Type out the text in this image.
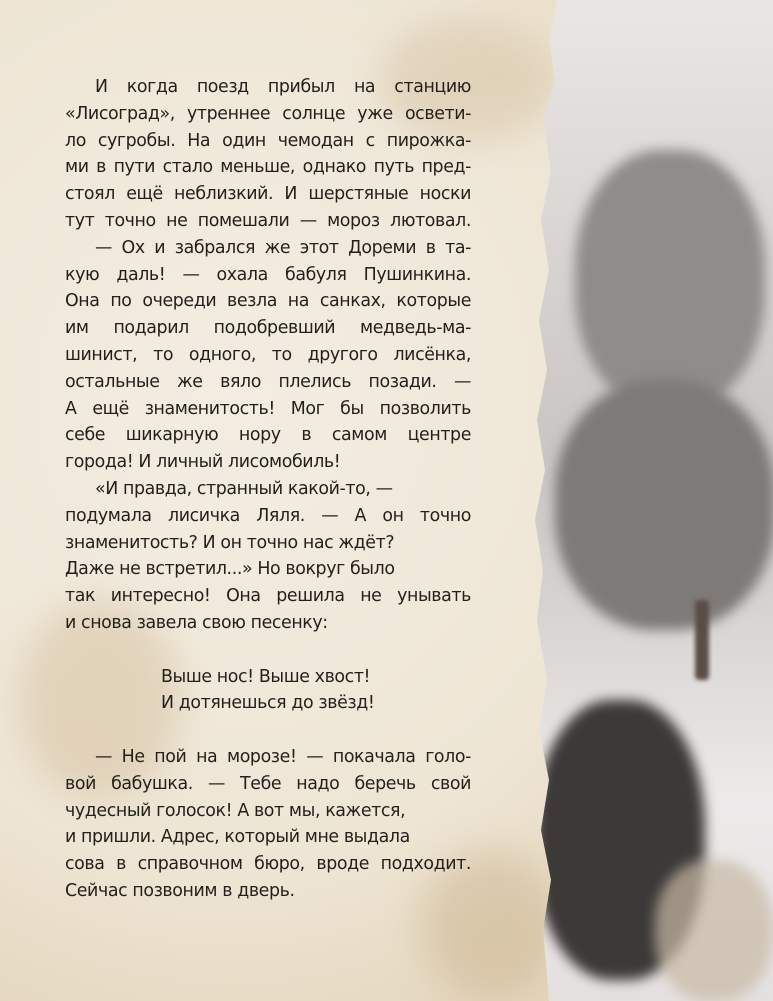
И когда поезд прибыл на станцию
«Лисоград», утреннее солнце уже освети-
ло сугробы. На один чемодан с пирожка-
ми в пути стало меньше, однако путь пред-
стоял ещё неблизкий. И шерстяные носки
тут точно не помешали — мороз лютовал.
— Ох и забрался же этот Дореми в та-
кую даль! — охала бабуля Пушинкина.
Она по очереди везла на санках, которые
им подарил подобревший медведь-ма-
шинист, то одного, то другого лисёнка,
остальные же вяло плелись позади. —
А ещё знаменитость! Мог бы позволить
себе шикарную нору в самом центре
города! И личный лисомобиль!
«И правда, странный какой-то, —
подумала лисичка Ляля. — А он точно
знаменитость? И он точно нас ждёт?
Даже не встретил...» Но вокруг было
так интересно! Она решила не унывать
и снова завела свою песенку:
Выше нос! Выше хвост!
И дотянешься до звёзд!
— Не пой на морозе! — покачала голо-
вой бабушка. — Тебе надо беречь свой
чудесный голосок! А вот мы, кажется,
и пришли. Адрес, который мне выдала
сова в справочном бюро, вроде подходит.
Сейчас позвоним в дверь.
